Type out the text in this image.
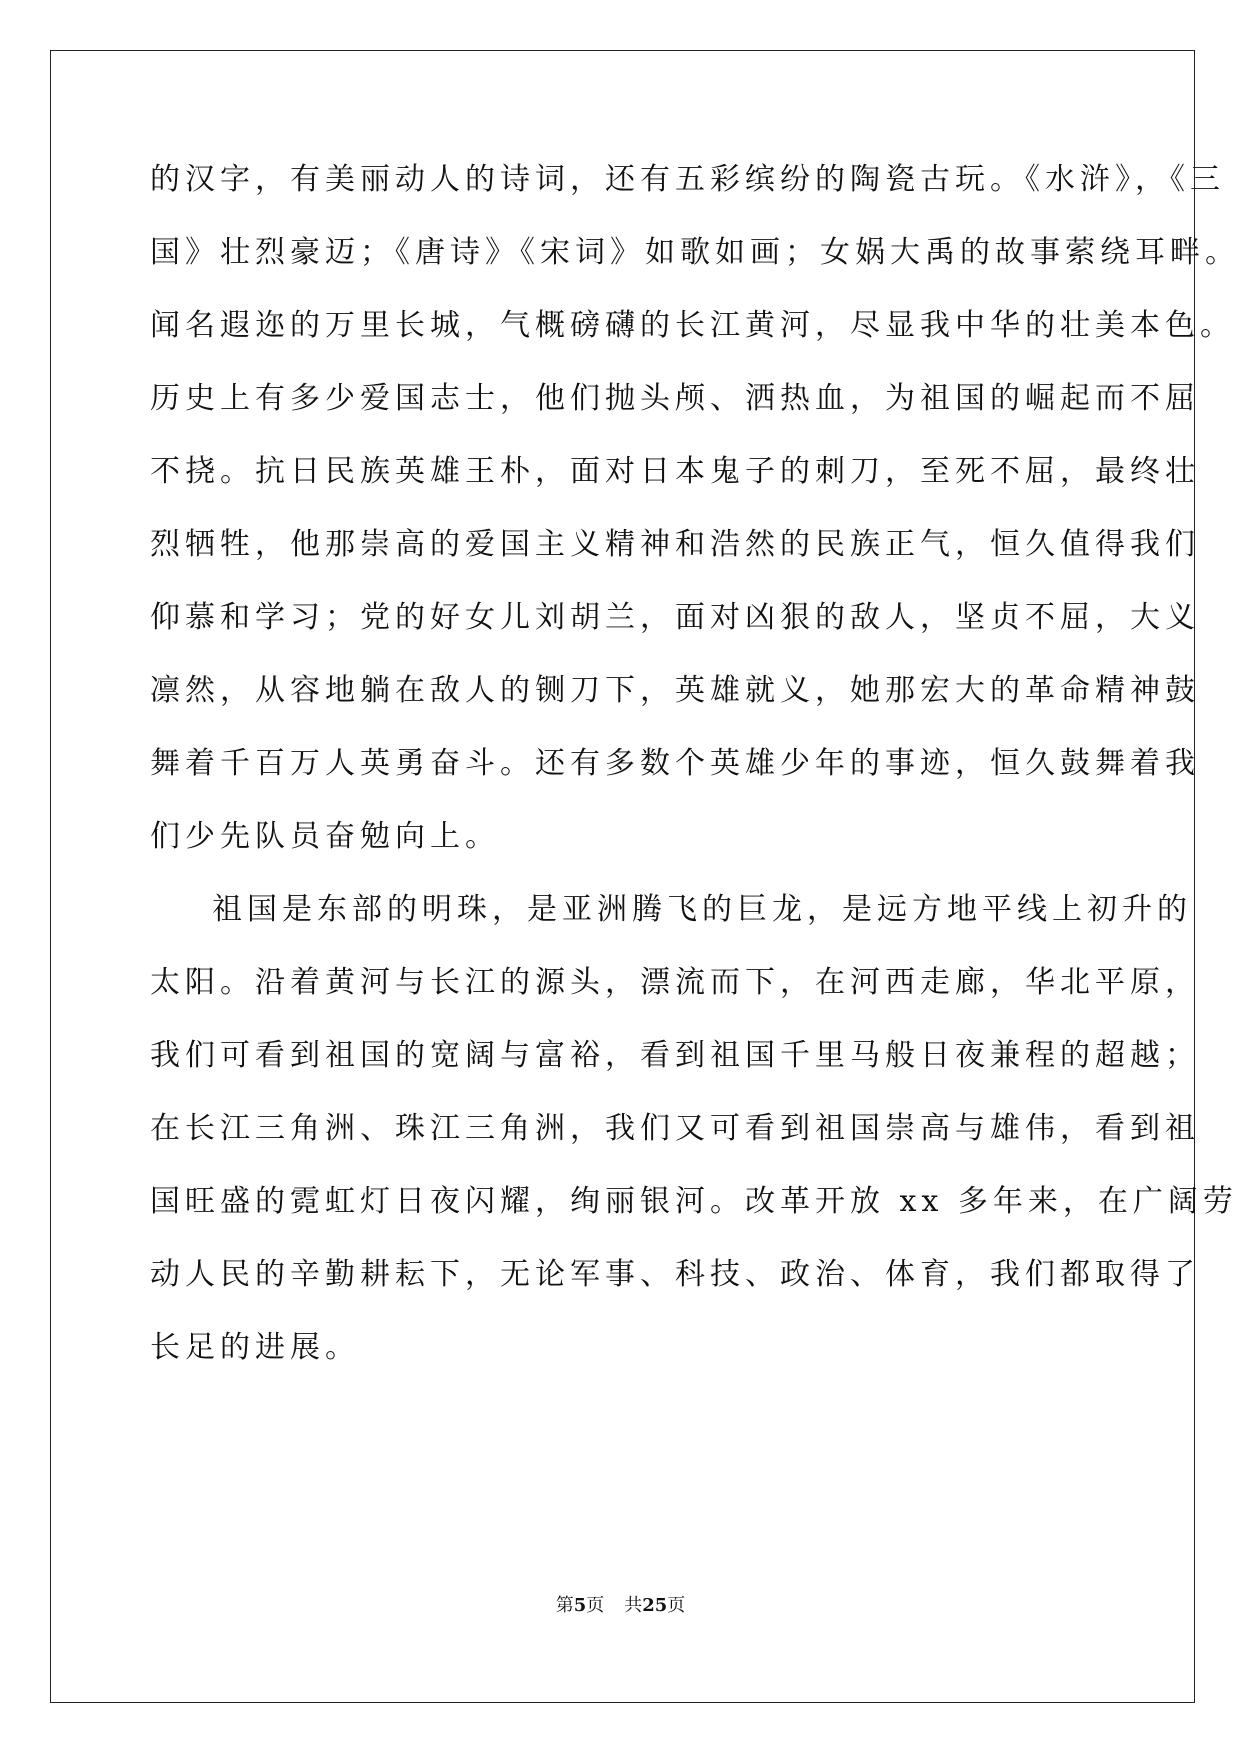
的汉字，有美丽动人的诗词，还有五彩缤纷的陶瓷古玩。《水浒》，《三
国》壮烈豪迈；《唐诗》《宋词》如歌如画；女娲大禹的故事萦绕耳畔。
闻名遐迩的万里长城，气概磅礴的长江黄河，尽显我中华的壮美本色。
历史上有多少爱国志士，他们抛头颅、洒热血，为祖国的崛起而不屈
不挠。抗日民族英雄王朴，面对日本鬼子的刺刀，至死不屈，最终壮
烈牺牲，他那崇高的爱国主义精神和浩然的民族正气，恒久值得我们
仰慕和学习；党的好女儿刘胡兰，面对凶狠的敌人，坚贞不屈，大义
凛然，从容地躺在敌人的铡刀下，英雄就义，她那宏大的革命精神鼓
舞着千百万人英勇奋斗。还有多数个英雄少年的事迹，恒久鼓舞着我
们少先队员奋勉向上。
祖国是东部的明珠，是亚洲腾飞的巨龙，是远方地平线上初升的
太阳。沿着黄河与长江的源头，漂流而下，在河西走廊，华北平原，
我们可看到祖国的宽阔与富裕，看到祖国千里马般日夜兼程的超越；
在长江三角洲、珠江三角洲，我们又可看到祖国崇高与雄伟，看到祖
国旺盛的霓虹灯日夜闪耀，绚丽银河。改革开放 xx 多年来，在广阔劳
动人民的辛勤耕耘下，无论军事、科技、政治、体育，我们都取得了
长足的进展。
第5页 共25页
